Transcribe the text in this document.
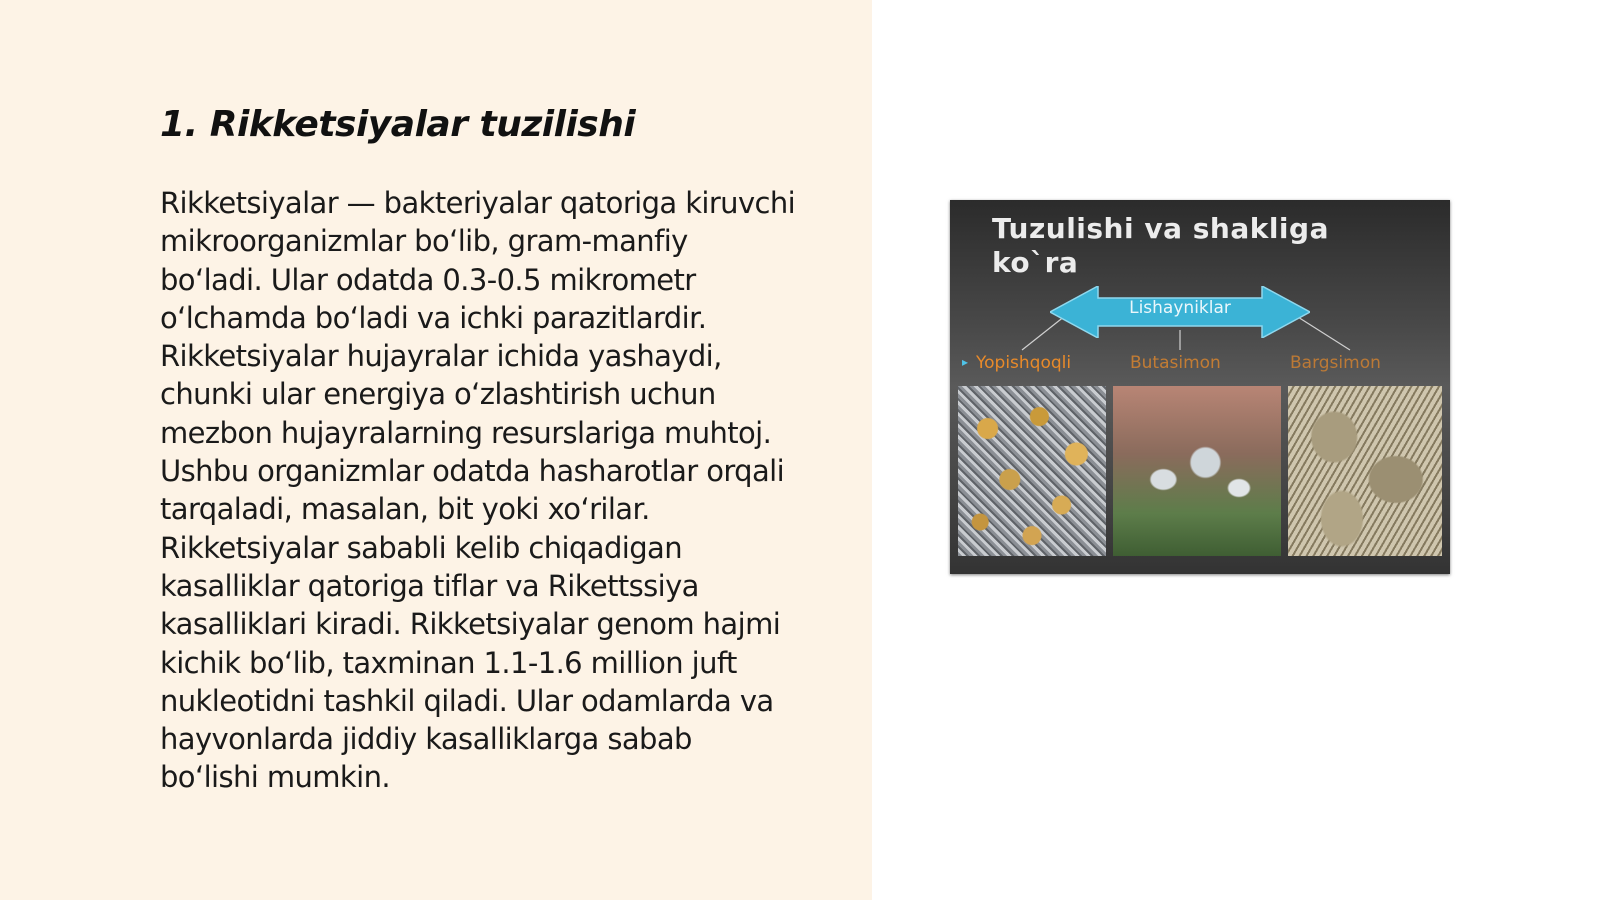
1. Rikketsiyalar tuzilishi
Rikketsiyalar — bakteriyalar qatoriga kiruvchi
mikroorganizmlar bo‘lib, gram-manfiy
bo‘ladi. Ular odatda 0.3-0.5 mikrometr
o‘lchamda bo‘ladi va ichki parazitlardir.
Rikketsiyalar hujayralar ichida yashaydi,
chunki ular energiya o‘zlashtirish uchun
mezbon hujayralarning resurslariga muhtoj.
Ushbu organizmlar odatda hasharotlar orqali
tarqaladi, masalan, bit yoki xo‘rilar.
Rikketsiyalar sababli kelib chiqadigan
kasalliklar qatoriga tiflar va Rikettssiya
kasalliklari kiradi. Rikketsiyalar genom hajmi
kichik bo‘lib, taxminan 1.1-1.6 million juft
nukleotidni tashkil qiladi. Ular odamlarda va
hayvonlarda jiddiy kasalliklarga sabab
bo‘lishi mumkin.
Tuzulishi va shakliga
ko`ra
Lishayniklar
▸ Yopishqoqli	Butasimon	Bargsimon
